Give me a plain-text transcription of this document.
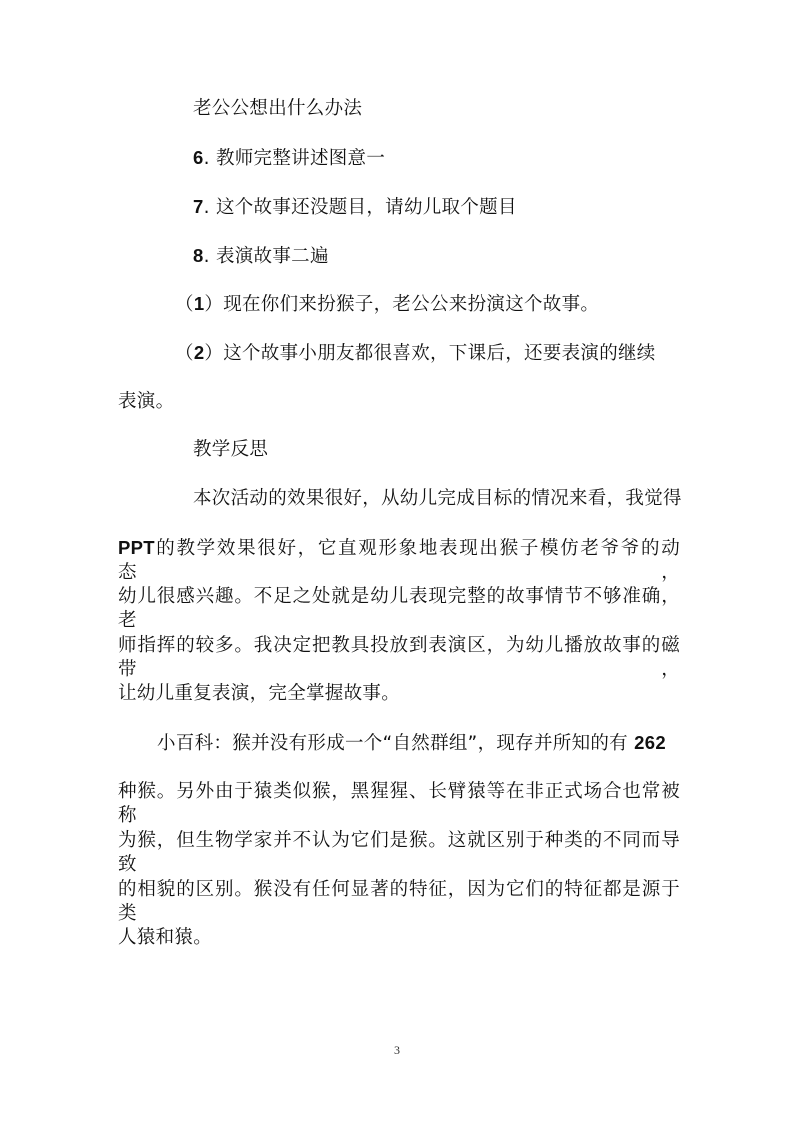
老公公想出什么办法
6. 教师完整讲述图意一
7. 这个故事还没题目，请幼儿取个题目
8. 表演故事二遍
（1）现在你们来扮猴子，老公公来扮演这个故事。
（2）这个故事小朋友都很喜欢，下课后，还要表演的继续
表演。
教学反思
本次活动的效果很好，从幼儿完成目标的情况来看，我觉得
PPT的教学效果很好，它直观形象地表现出猴子模仿老爷爷的动态，
幼儿很感兴趣。不足之处就是幼儿表现完整的故事情节不够准确，老
师指挥的较多。我决定把教具投放到表演区，为幼儿播放故事的磁带，
让幼儿重复表演，完全掌握故事。
小百科：猴并没有形成一个“自然群组”，现存并所知的有 262
种猴。另外由于猿类似猴，黑猩猩、长臂猿等在非正式场合也常被称
为猴，但生物学家并不认为它们是猴。这就区别于种类的不同而导致
的相貌的区别。猴没有任何显著的特征，因为它们的特征都是源于类
人猿和猿。
3
